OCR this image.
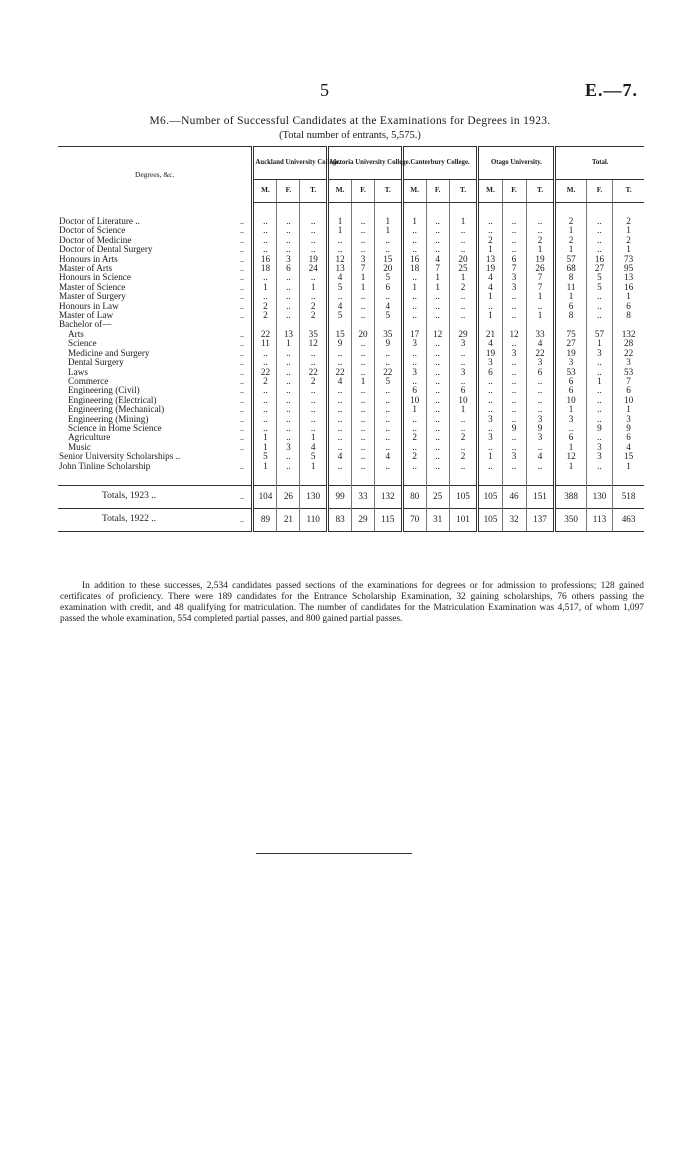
5	E.—7.
M6.—Number of Successful Candidates at the Examinations for Degrees in 1923.
(Total number of entrants, 5,575.)
Degrees, &c.		Auckland University College.			Victoria University College.			Canterbury College.			Otago University.			Total.		
		M.	F.	T.	M.	F.	T.	M.	F.	T.	M.	F.	T.	M.	F.	T.

Doctor of Literature ..	..	..	..	..	1	..	1	1	..	1	..	..	..	2	..	2
Doctor of Science	..	..	..	..	1	..	1	..	..	..	..	..	..	1	..	1
Doctor of Medicine	..	..	..	..	..	..	..	..	..	..	2	..	2	2	..	2
Doctor of Dental Surgery	..	..	..	..	..	..	..	..	..	..	1	..	1	1	..	1
Honours in Arts	..	16	3	19	12	3	15	16	4	20	13	6	19	57	16	73
Master of Arts	..	18	6	24	13	7	20	18	7	25	19	7	26	68	27	95
Honours in Science	..	..	..	..	4	1	5	..	1	1	4	3	7	8	5	13
Master of Science	..	1	..	1	5	1	6	1	1	2	4	3	7	11	5	16
Master of Surgery	..	..	..	..	..	..	..	..	..	..	1	..	1	1	..	1
Honours in Law	..	2	..	2	4	..	4	..	..	..	..	..	..	6	..	6
Master of Law	..	2	..	2	5	..	5	..	..	..	1	..	1	8	..	8
Bachelor of—																
Arts	..	22	13	35	15	20	35	17	12	29	21	12	33	75	57	132
Science	..	11	1	12	9	..	9	3	..	3	4	..	4	27	1	28
Medicine and Surgery	..	..	..	..	..	..	..	..	..	..	19	3	22	19	3	22
Dental Surgery	..	..	..	..	..	..	..	..	..	..	3	..	3	3	..	3
Laws	..	22	..	22	22	..	22	3	..	3	6	..	6	53	..	53
Commerce	..	2	..	2	4	1	5	..	..	..	..	..	..	6	1	7
Engineering (Civil)	..	..	..	..	..	..	..	6	..	6	..	..	..	6	..	6
Engineering (Electrical)	..	..	..	..	..	..	..	10	..	10	..	..	..	10	..	10
Engineering (Mechanical)	..	..	..	..	..	..	..	1	..	1	..	..	..	1	..	1
Engineering (Mining)	..	..	..	..	..	..	..	..	..	..	3	..	3	3	..	3
Science in Home Science	..	..	..	..	..	..	..	..	..	..	..	9	9	..	9	9
Agriculture	..	1	..	1	..	..	..	2	..	2	3	..	3	6	..	6
Music	..	1	3	4	..	..	..	..	..	..	..	..	..	1	3	4
Senior University Scholarships ..		5	..	5	4	..	4	2	..	2	1	3	4	12	3	15
John Tinline Scholarship	..	1	..	1	..	..	..	..	..	..	..	..	..	1	..	1

Totals, 1923 ..	..	104	26	130	99	33	132	80	25	105	105	46	151	388	130	518
Totals, 1922 ..	..	89	21	110	83	29	115	70	31	101	105	32	137	350	113	463
In addition to these successes, 2,534 candidates passed sections of the examinations for degrees or for admission to professions; 128 gained certificates of proficiency. There were 189 candidates for the Entrance Scholarship Examination, 32 gaining scholarships, 76 others passing the examination with credit, and 48 qualifying for matriculation. The number of candidates for the Matriculation Examination was 4,517, of whom 1,097 passed the whole examination, 554 completed partial passes, and 800 gained partial passes.
